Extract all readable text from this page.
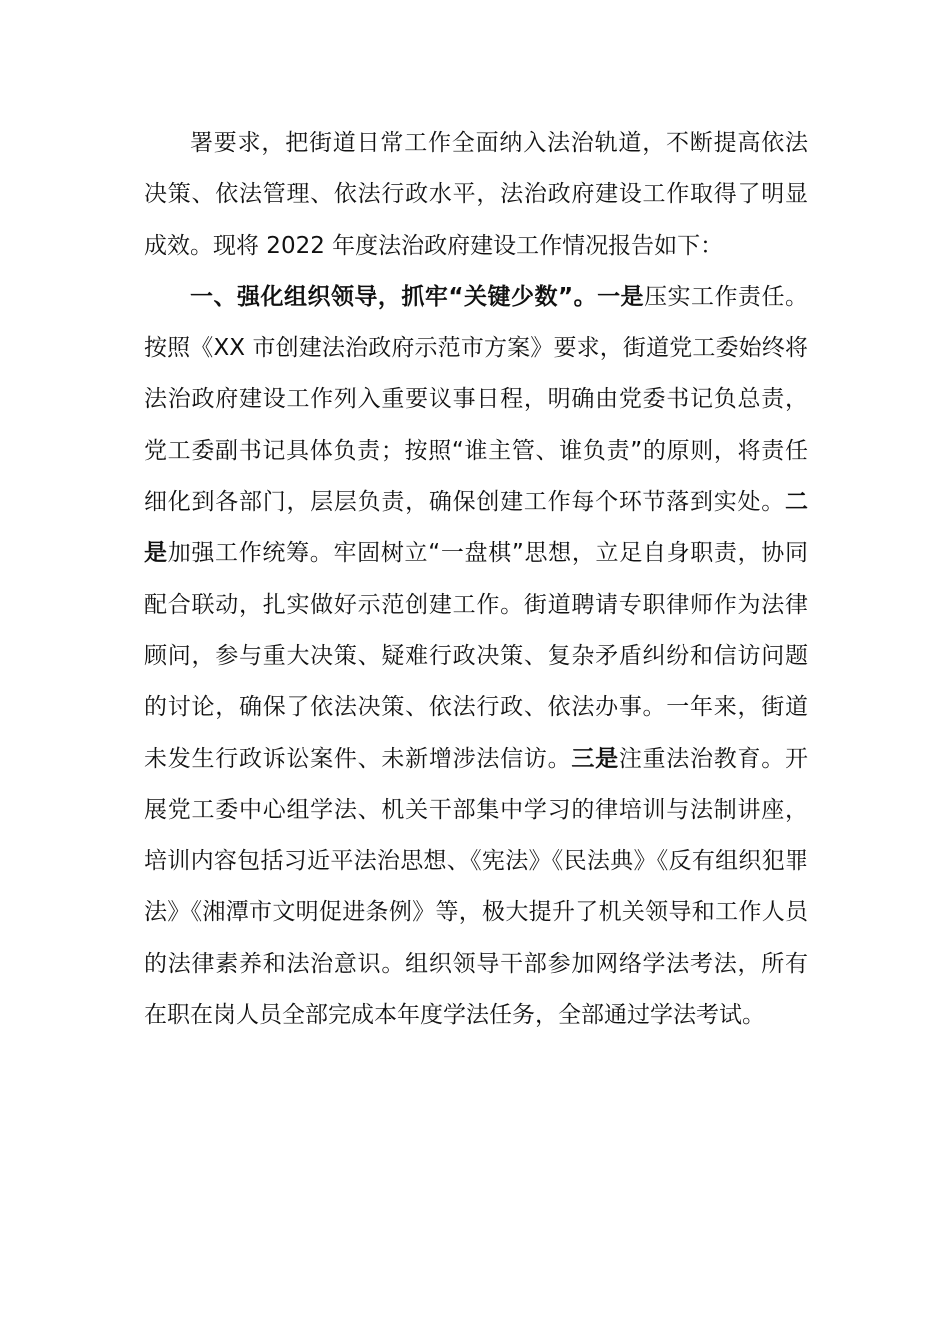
署要求，把街道日常工作全面纳入法治轨道，不断提高依法决策、依法管理、依法行政水平，法治政府建设工作取得了明显成效。现将 2022 年度法治政府建设工作情况报告如下：

一、强化组织领导，抓牢“关键少数”。一是压实工作责任。按照《XX 市创建法治政府示范市方案》要求，街道党工委始终将法治政府建设工作列入重要议事日程，明确由党委书记负总责，党工委副书记具体负责；按照“谁主管、谁负责”的原则，将责任细化到各部门，层层负责，确保创建工作每个环节落到实处。二是加强工作统筹。牢固树立“一盘棋”思想，立足自身职责，协同配合联动，扎实做好示范创建工作。街道聘请专职律师作为法律顾问，参与重大决策、疑难行政决策、复杂矛盾纠纷和信访问题的讨论，确保了依法决策、依法行政、依法办事。一年来，街道未发生行政诉讼案件、未新增涉法信访。三是注重法治教育。开展党工委中心组学法、机关干部集中学习的律培训与法制讲座，培训内容包括习近平法治思想、《宪法》《民法典》《反有组织犯罪法》《湘潭市文明促进条例》等，极大提升了机关领导和工作人员的法律素养和法治意识。组织领导干部参加网络学法考法，所有在职在岗人员全部完成本年度学法任务，全部通过学法考试。
